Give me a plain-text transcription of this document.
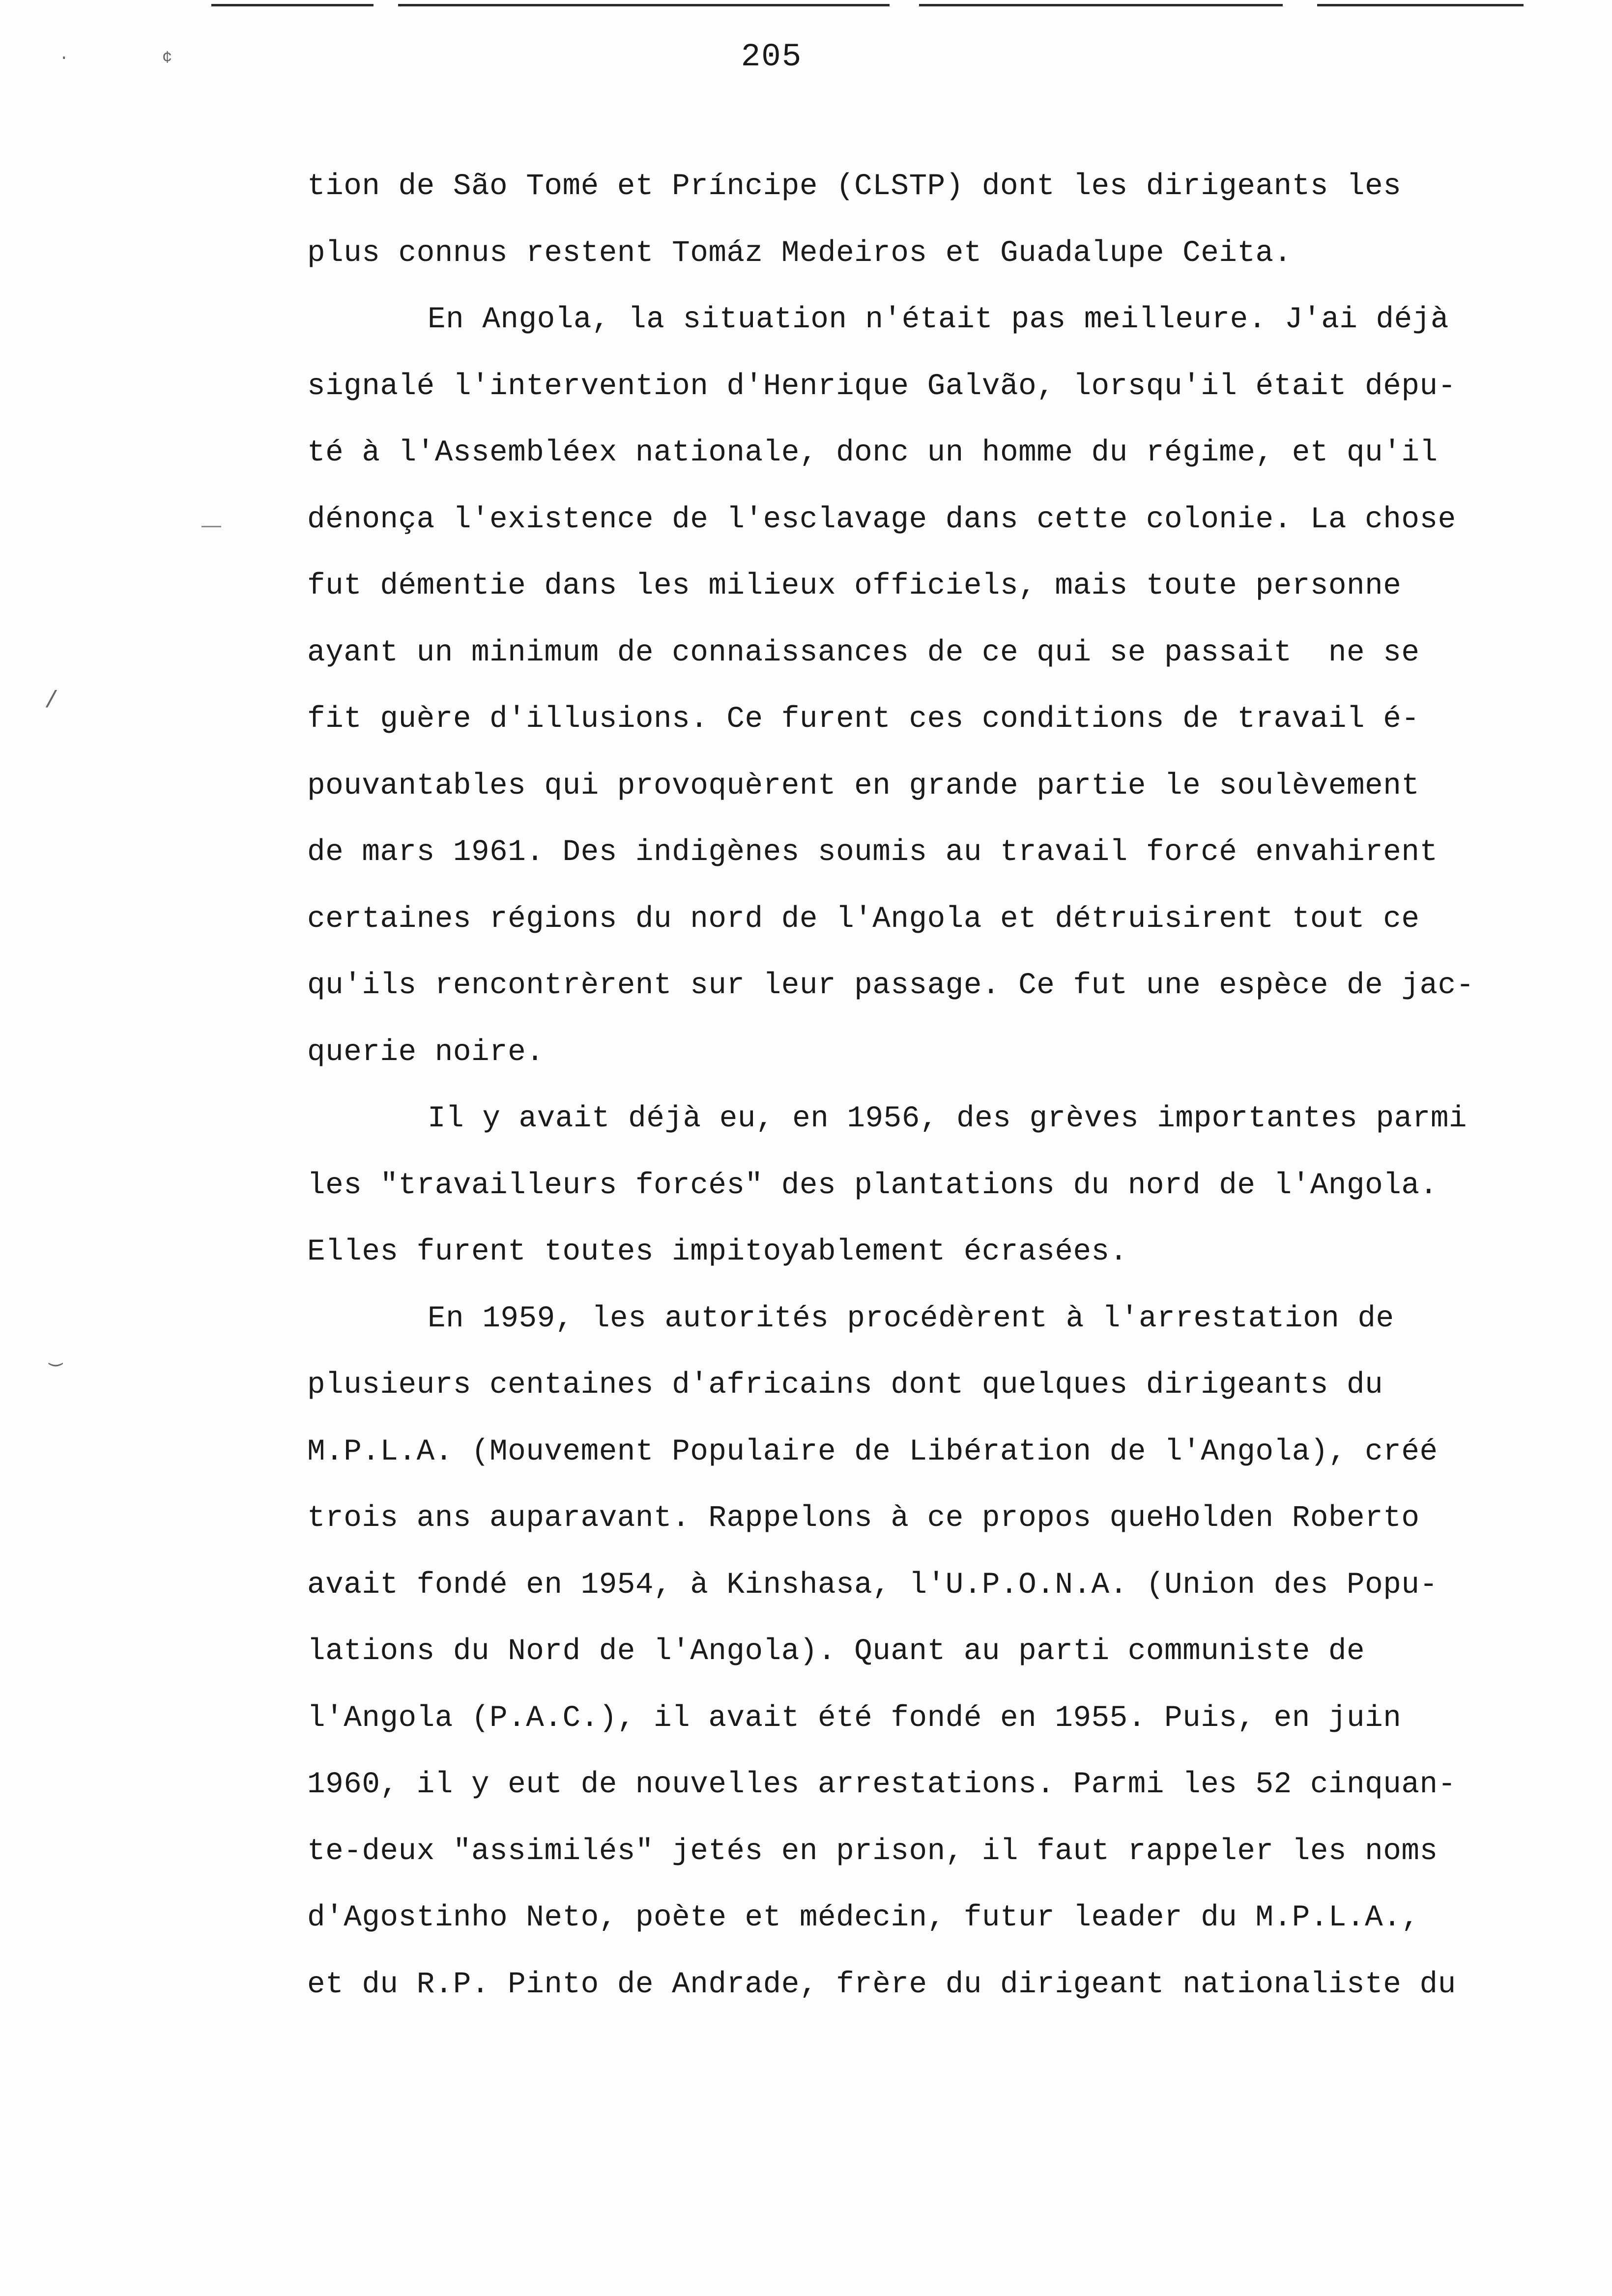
·	¢
/
‿
205
tion de São Tomé et Príncipe (CLSTP) dont les dirigeants les
plus connus restent Tomáz Medeiros et Guadalupe Ceita.
En Angola, la situation n'était pas meilleure. J'ai déjà
signalé l'intervention d'Henrique Galvão, lorsqu'il était dépu-
té à l'Assembléex nationale, donc un homme du régime, et qu'il
dénonça l'existence de l'esclavage dans cette colonie. La chose
fut démentie dans les milieux officiels, mais toute personne
ayant un minimum de connaissances de ce qui se passait  ne se
fit guère d'illusions. Ce furent ces conditions de travail é-
pouvantables qui provoquèrent en grande partie le soulèvement
de mars 1961. Des indigènes soumis au travail forcé envahirent
certaines régions du nord de l'Angola et détruisirent tout ce
qu'ils rencontrèrent sur leur passage. Ce fut une espèce de jac-
querie noire.
Il y avait déjà eu, en 1956, des grèves importantes parmi
les "travailleurs forcés" des plantations du nord de l'Angola.
Elles furent toutes impitoyablement écrasées.
En 1959, les autorités procédèrent à l'arrestation de
plusieurs centaines d'africains dont quelques dirigeants du
M.P.L.A. (Mouvement Populaire de Libération de l'Angola), créé
trois ans auparavant. Rappelons à ce propos queHolden Roberto
avait fondé en 1954, à Kinshasa, l'U.P.O.N.A. (Union des Popu-
lations du Nord de l'Angola). Quant au parti communiste de
l'Angola (P.A.C.), il avait été fondé en 1955. Puis, en juin
1960, il y eut de nouvelles arrestations. Parmi les 52 cinquan-
te-deux "assimilés" jetés en prison, il faut rappeler les noms
d'Agostinho Neto, poète et médecin, futur leader du M.P.L.A.,
et du R.P. Pinto de Andrade, frère du dirigeant nationaliste du
